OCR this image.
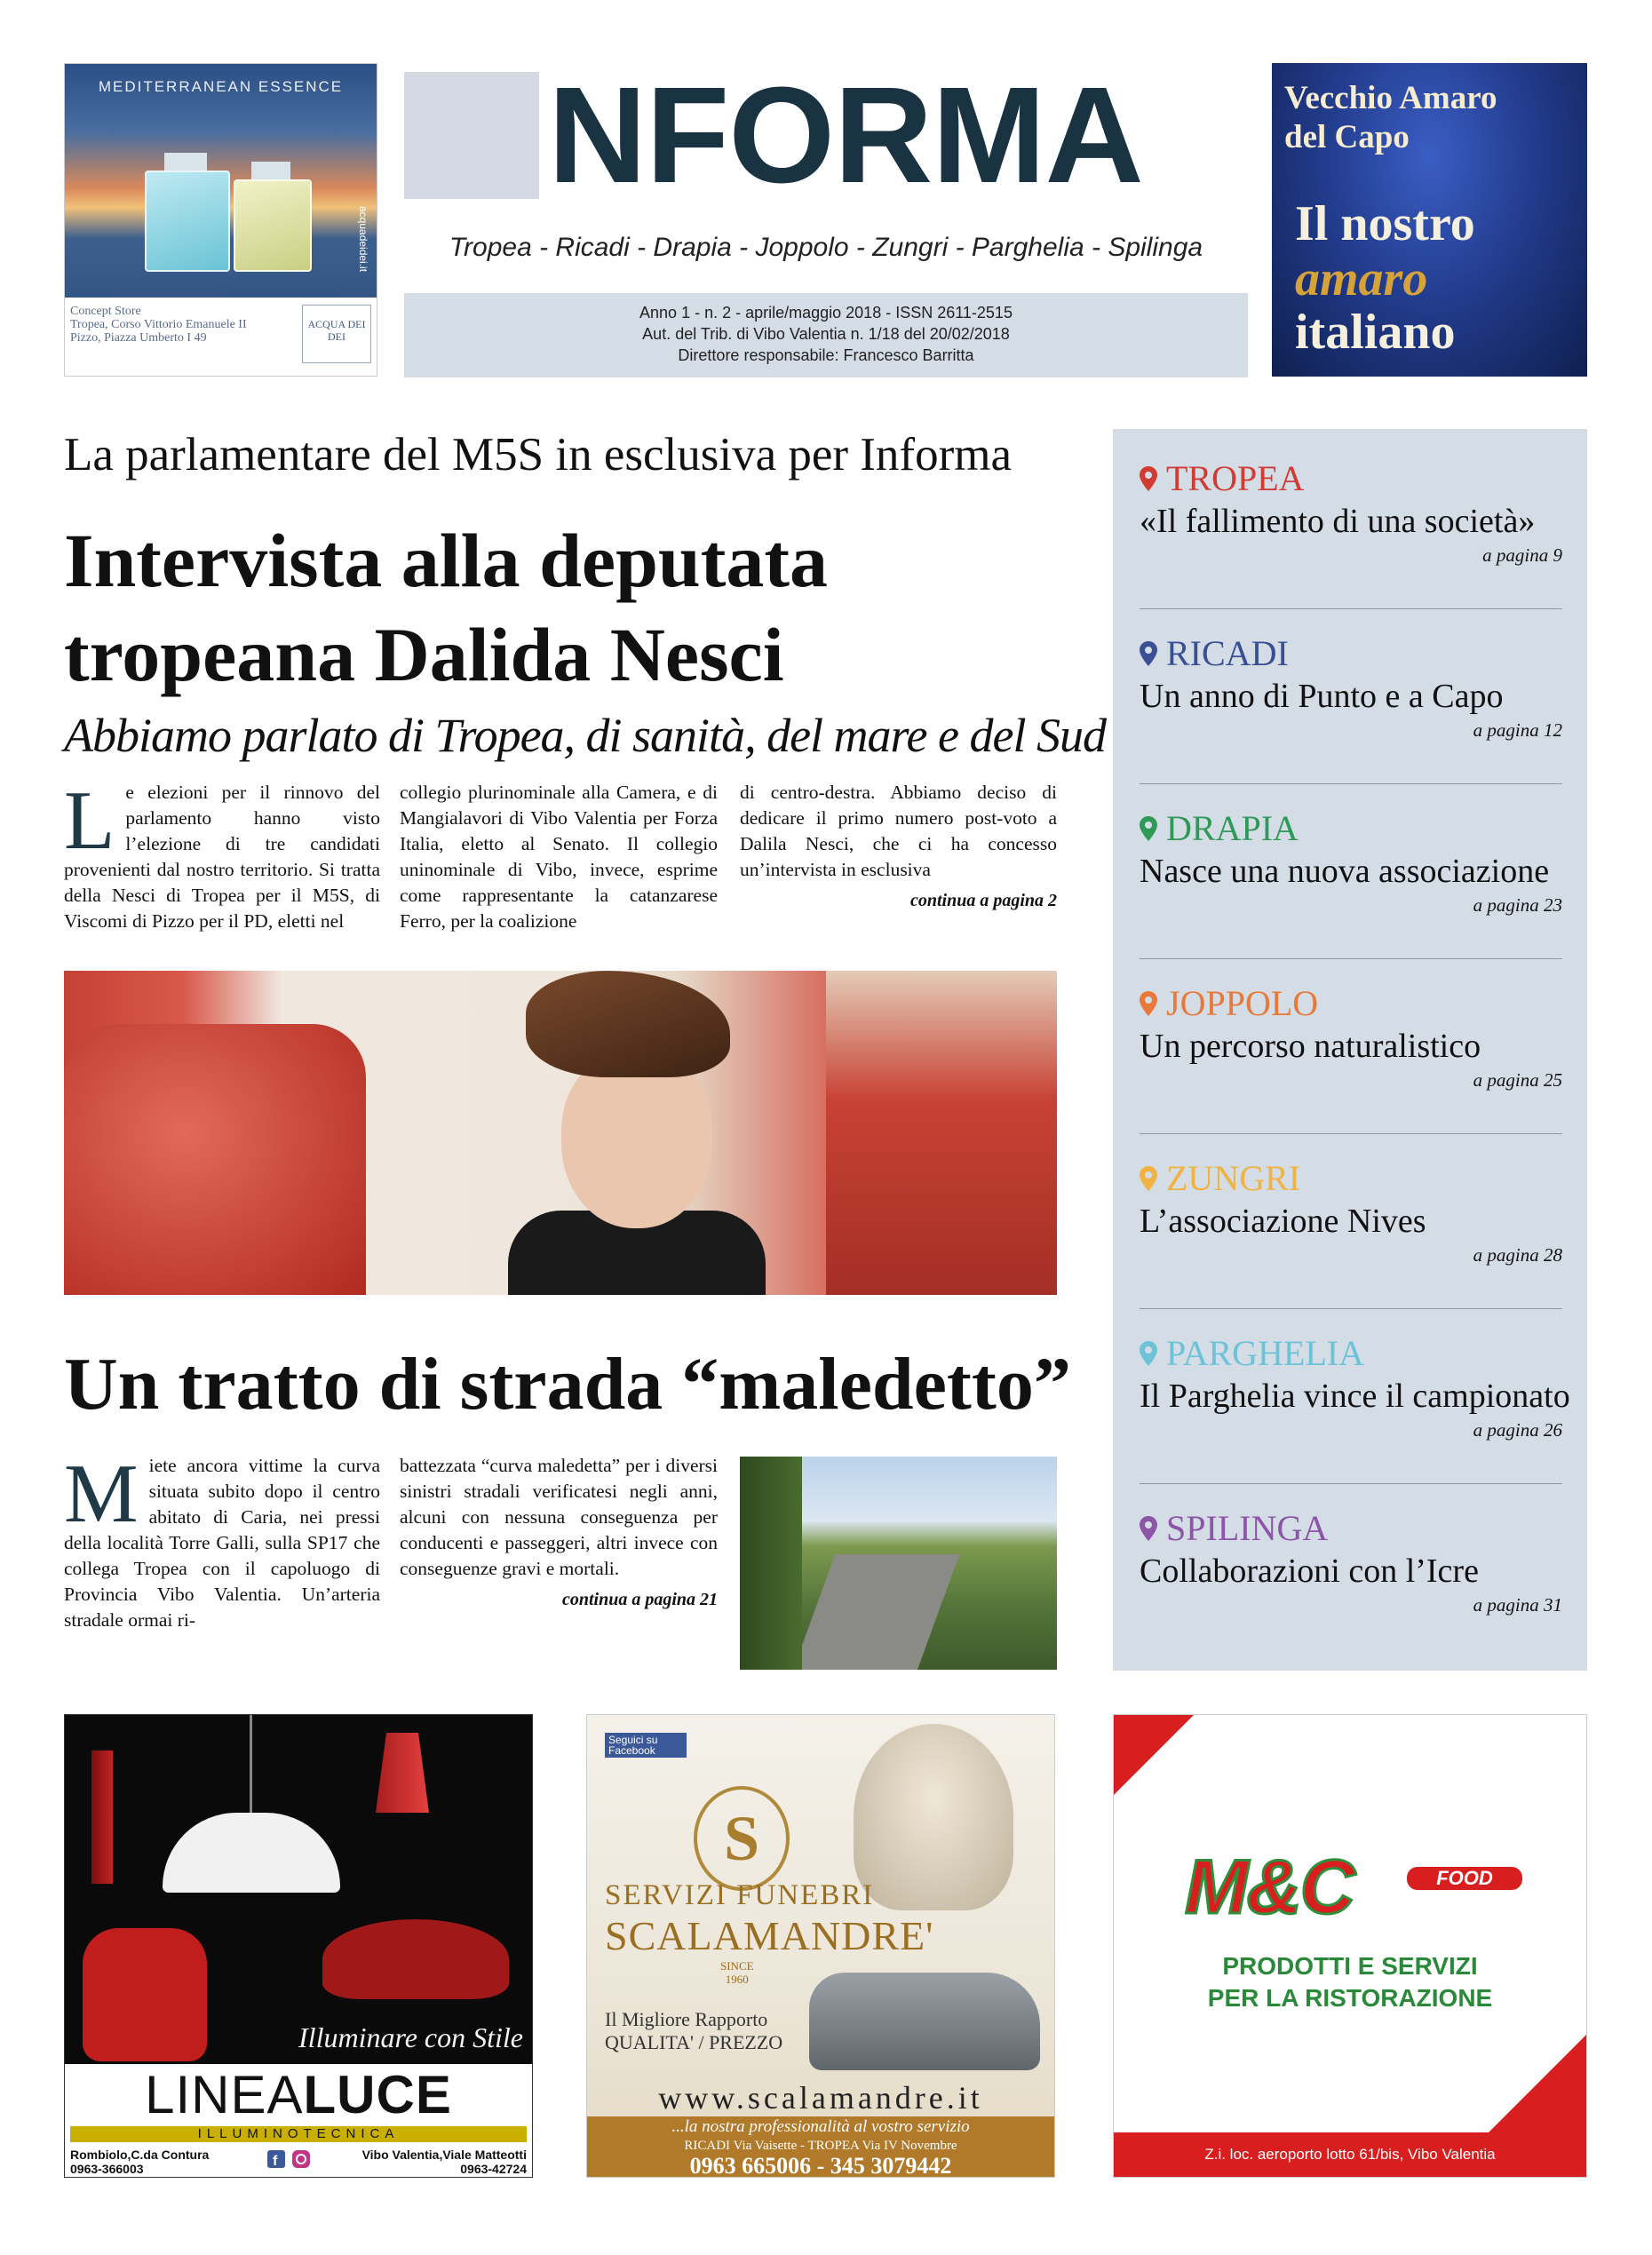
MEDITERRANEAN ESSENCE
acquadeidei.it
Concept Store
Tropea, Corso Vittorio Emanuele II
Pizzo, Piazza Umberto I 49
ACQUA DEI DEI
NFORMA
Tropea - Ricadi - Drapia - Joppolo - Zungri - Parghelia - Spilinga
Anno 1 - n. 2 - aprile/maggio 2018 - ISSN 2611-2515
Aut. del Trib. di Vibo Valentia n. 1/18 del 20/02/2018
Direttore responsabile: Francesco Barritta
Vecchio Amaro
del Capo
Il nostro
amaro
italiano
La parlamentare del M5S in esclusiva per Informa
Intervista alla deputata tropeana Dalida Nesci
Abbiamo parlato di Tropea, di sanità, del mare e del Sud
Le elezioni per il rinnovo del parlamento hanno visto l’elezione di tre candidati provenienti dal nostro territorio. Si tratta della Nesci di Tropea per il M5S, di Viscomi di Pizzo per il PD, eletti nel
collegio plurinominale alla Camera, e di Mangialavori di Vibo Valentia per Forza Italia, eletto al Senato. Il collegio uninominale di Vibo, invece, esprime come rappresentante la catanzarese Ferro, per la coalizione
di centro-destra. Abbiamo deciso di dedicare il primo numero post-voto a Dalila Nesci, che ci ha concesso un’intervista in esclusiva
continua a pagina 2
Un tratto di strada “maledetto”
Miete ancora vittime la curva situata subito dopo il centro abitato di Caria, nei pressi della località Torre Galli, sulla SP17 che collega Tropea con il capoluogo di Provincia Vibo Valentia. Un’arteria stradale ormai ri-
battezzata “curva maledetta” per i diversi sinistri stradali verificatesi negli anni, alcuni con nessuna conseguenza per conducenti e passeggeri, altri invece con conseguenze gravi e mortali.
continua a pagina 21
TROPEA
«Il fallimento di una società»
a pagina 9
RICADI
Un anno di Punto e a Capo
a pagina 12
DRAPIA
Nasce una nuova associazione
a pagina 23
JOPPOLO
Un percorso naturalistico
a pagina 25
ZUNGRI
L’associazione Nives
a pagina 28
PARGHELIA
Il Parghelia vince il campionato
a pagina 26
SPILINGA
Collaborazioni con l’Icre
a pagina 31
Illuminare con Stile
LINEALUCE
ILLUMINOTECNICA
Rombiolo,C.da Contura
0963-366003	f	Vibo Valentia,Viale Matteotti
0963-42724
Seguici su Facebook
S
SERVIZI FUNEBRI
SCALAMANDRE'
SINCE
1960
Il Migliore Rapporto
QUALITA' / PREZZO
www.scalamandre.it
...la nostra professionalità al vostro servizio
RICADI Via Vaisette - TROPEA Via IV Novembre
0963 665006 - 345 3079442
M&C	FOOD
PRODOTTI E SERVIZI
PER LA RISTORAZIONE
Z.i. loc. aeroporto lotto 61/bis, Vibo Valentia
